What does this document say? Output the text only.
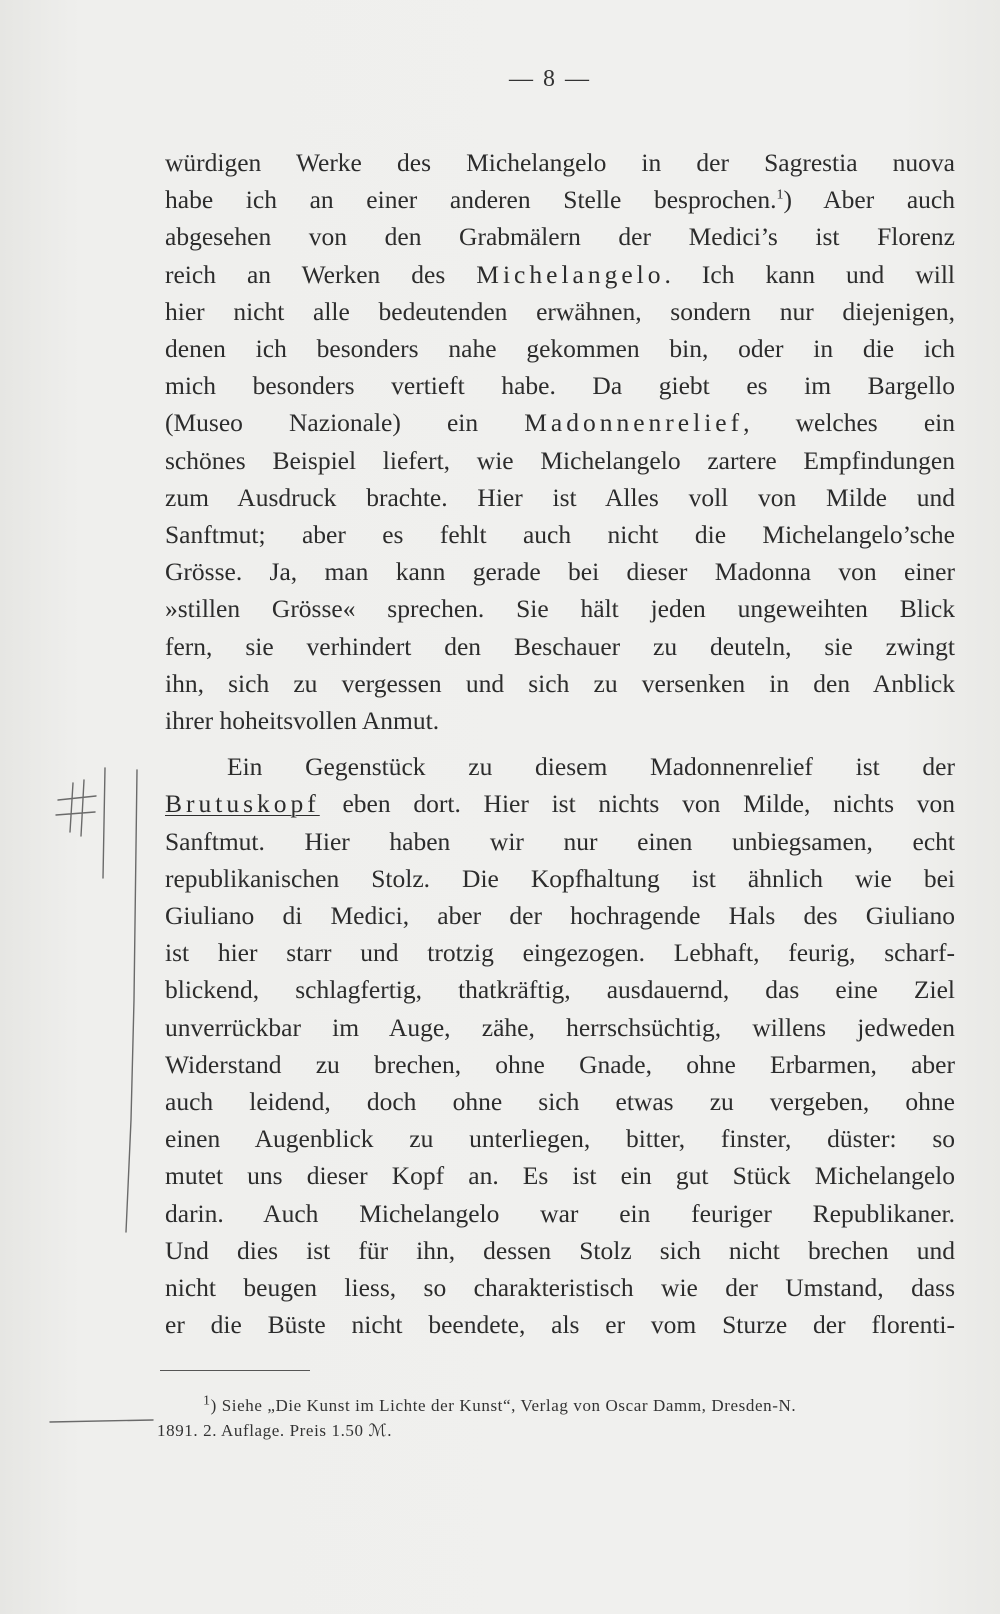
— 8 —
würdigen Werke des Michelangelo in der Sagrestia nuova
habe ich an einer anderen Stelle besprochen.$^1$) Aber auch
abgesehen von den Grabmälern der Medici’s ist Florenz
reich an Werken des Michelangelo. Ich kann und will
hier nicht alle bedeutenden erwähnen, sondern nur diejenigen,
denen ich besonders nahe gekommen bin, oder in die ich
mich besonders vertieft habe. Da giebt es im Bargello
(Museo Nazionale) ein Madonnenrelief, welches ein
schönes Beispiel liefert, wie Michelangelo zartere Empfindungen
zum Ausdruck brachte. Hier ist Alles voll von Milde und
Sanftmut; aber es fehlt auch nicht die Michelangelo’sche
Grösse. Ja, man kann gerade bei dieser Madonna von einer
»stillen Grösse« sprechen. Sie hält jeden ungeweihten Blick
fern, sie verhindert den Beschauer zu deuteln, sie zwingt
ihn, sich zu vergessen und sich zu versenken in den Anblick
ihrer hoheitsvollen Anmut.
Ein Gegenstück zu diesem Madonnenrelief ist der
Brutuskopf eben dort. Hier ist nichts von Milde, nichts von
Sanftmut. Hier haben wir nur einen unbiegsamen, echt
republikanischen Stolz. Die Kopfhaltung ist ähnlich wie bei
Giuliano di Medici, aber der hochragende Hals des Giuliano
ist hier starr und trotzig eingezogen. Lebhaft, feurig, scharf-
blickend, schlagfertig, thatkräftig, ausdauernd, das eine Ziel
unverrückbar im Auge, zähe, herrschsüchtig, willens jedweden
Widerstand zu brechen, ohne Gnade, ohne Erbarmen, aber
auch leidend, doch ohne sich etwas zu vergeben, ohne
einen Augenblick zu unterliegen, bitter, finster, düster: so
mutet uns dieser Kopf an. Es ist ein gut Stück Michelangelo
darin. Auch Michelangelo war ein feuriger Republikaner.
Und dies ist für ihn, dessen Stolz sich nicht brechen und
nicht beugen liess, so charakteristisch wie der Umstand, dass
er die Büste nicht beendete, als er vom Sturze der florenti-
$^1$) Siehe „Die Kunst im Lichte der Kunst“, Verlag von Oscar Damm, Dresden-N.
1891. 2. Auflage. Preis 1.50 ℳ.
